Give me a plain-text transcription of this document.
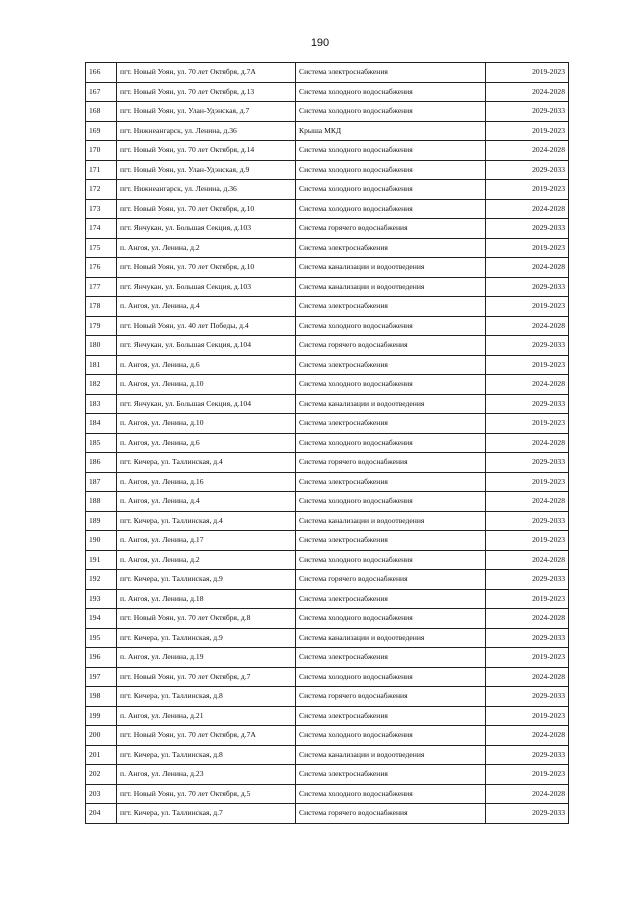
190
166	пгт. Новый Уоян, ул. 70 лет Октября, д.7А	Система электроснабжения	2019-2023
167	пгт. Новый Уоян, ул. 70 лет Октября, д.13	Система холодного водоснабжения	2024-2028
168	пгт. Новый Уоян, ул. Улан-Удэнская, д.7	Система холодного водоснабжения	2029-2033
169	пгт. Нижнеангарск, ул. Ленина, д.36	Крыша МКД	2019-2023
170	пгт. Новый Уоян, ул. 70 лет Октября, д.14	Система холодного водоснабжения	2024-2028
171	пгт. Новый Уоян, ул. Улан-Удэнская, д.9	Система холодного водоснабжения	2029-2033
172	пгт. Нижнеангарск, ул. Ленина, д.36	Система холодного водоснабжения	2019-2023
173	пгт. Новый Уоян, ул. 70 лет Октября, д.10	Система холодного водоснабжения	2024-2028
174	пгт. Янчукан, ул. Большая Секция, д.103	Система горячего водоснабжения	2029-2033
175	п. Ангоя, ул. Ленина, д.2	Система электроснабжения	2019-2023
176	пгт. Новый Уоян, ул. 70 лет Октября, д.10	Система канализации и водоотведения	2024-2028
177	пгт. Янчукан, ул. Большая Секция, д.103	Система канализации и водоотведения	2029-2033
178	п. Ангоя, ул. Ленина, д.4	Система электроснабжения	2019-2023
179	пгт. Новый Уоян, ул. 40 лет Победы, д.4	Система холодного водоснабжения	2024-2028
180	пгт. Янчукан, ул. Большая Секция, д.104	Система горячего водоснабжения	2029-2033
181	п. Ангоя, ул. Ленина, д.6	Система электроснабжения	2019-2023
182	п. Ангоя, ул. Ленина, д.10	Система холодного водоснабжения	2024-2028
183	пгт. Янчукан, ул. Большая Секция, д.104	Система канализации и водоотведения	2029-2033
184	п. Ангоя, ул. Ленина, д.10	Система электроснабжения	2019-2023
185	п. Ангоя, ул. Ленина, д.6	Система холодного водоснабжения	2024-2028
186	пгт. Кичера, ул. Таллинская, д.4	Система горячего водоснабжения	2029-2033
187	п. Ангоя, ул. Ленина, д.16	Система электроснабжения	2019-2023
188	п. Ангоя, ул. Ленина, д.4	Система холодного водоснабжения	2024-2028
189	пгт. Кичера, ул. Таллинская, д.4	Система канализации и водоотведения	2029-2033
190	п. Ангоя, ул. Ленина, д.17	Система электроснабжения	2019-2023
191	п. Ангоя, ул. Ленина, д.2	Система холодного водоснабжения	2024-2028
192	пгт. Кичера, ул. Таллинская, д.9	Система горячего водоснабжения	2029-2033
193	п. Ангоя, ул. Ленина, д.18	Система электроснабжения	2019-2023
194	пгт. Новый Уоян, ул. 70 лет Октября, д.8	Система холодного водоснабжения	2024-2028
195	пгт. Кичера, ул. Таллинская, д.9	Система канализации и водоотведения	2029-2033
196	п. Ангоя, ул. Ленина, д.19	Система электроснабжения	2019-2023
197	пгт. Новый Уоян, ул. 70 лет Октября, д.7	Система холодного водоснабжения	2024-2028
198	пгт. Кичера, ул. Таллинская, д.8	Система горячего водоснабжения	2029-2033
199	п. Ангоя, ул. Ленина, д.21	Система электроснабжения	2019-2023
200	пгт. Новый Уоян, ул. 70 лет Октября, д.7А	Система холодного водоснабжения	2024-2028
201	пгт. Кичера, ул. Таллинская, д.8	Система канализации и водоотведения	2029-2033
202	п. Ангоя, ул. Ленина, д.23	Система электроснабжения	2019-2023
203	пгт. Новый Уоян, ул. 70 лет Октября, д.5	Система холодного водоснабжения	2024-2028
204	пгт. Кичера, ул. Таллинская, д.7	Система горячего водоснабжения	2029-2033
